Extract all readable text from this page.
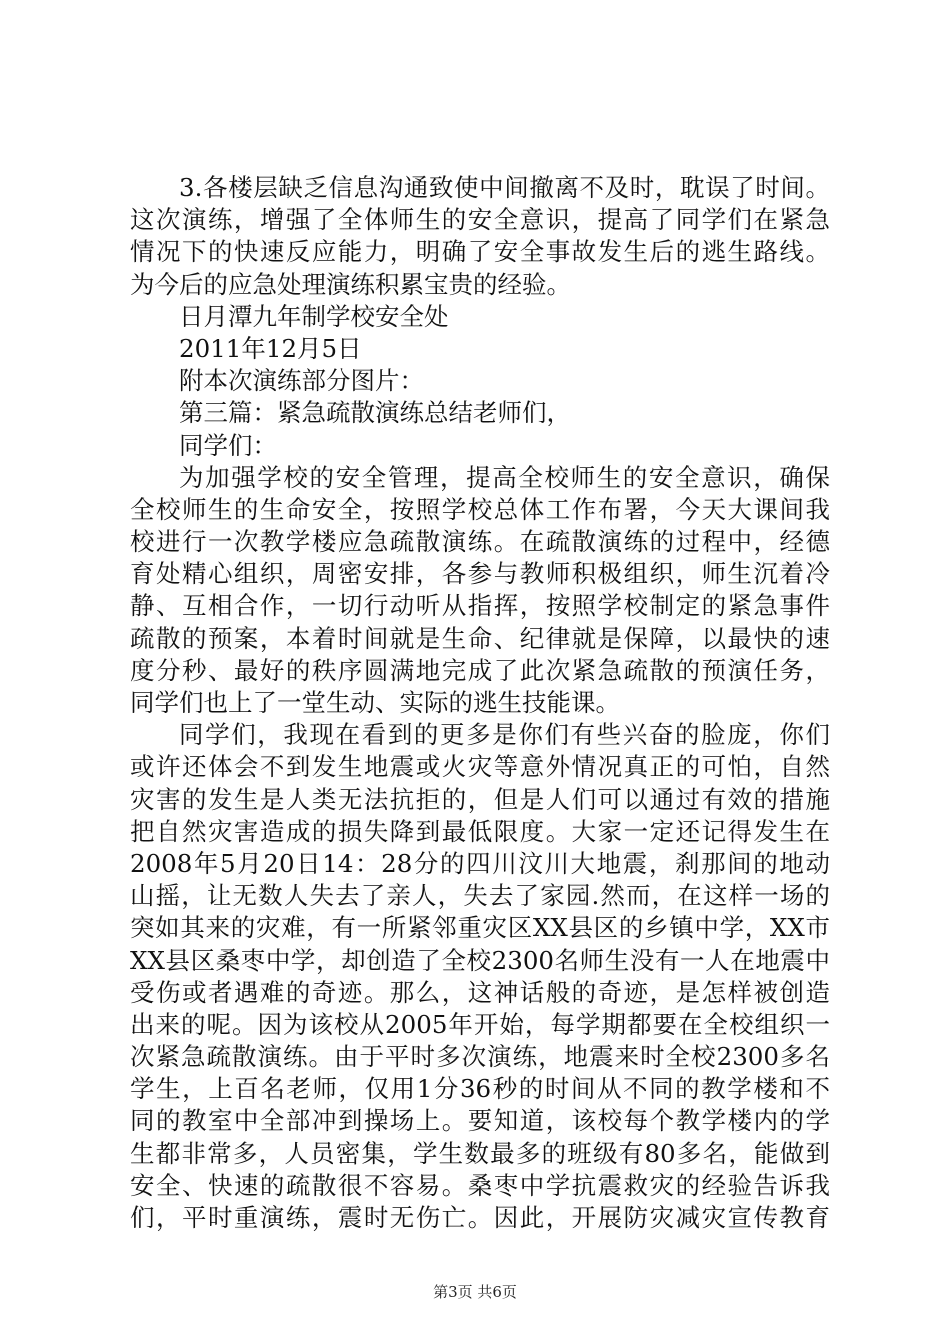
3.各楼层缺乏信息沟通致使中间撤离不及时，耽误了时间。
这次演练，增强了全体师生的安全意识，提高了同学们在紧急
情况下的快速反应能力，明确了安全事故发生后的逃生路线。
为今后的应急处理演练积累宝贵的经验。
日月潭九年制学校安全处
2011年12月5日
附本次演练部分图片：
第三篇：紧急疏散演练总结老师们，
同学们：
为加强学校的安全管理，提高全校师生的安全意识，确保
全校师生的生命安全，按照学校总体工作布署，今天大课间我
校进行一次教学楼应急疏散演练。在疏散演练的过程中，经德
育处精心组织，周密安排，各参与教师积极组织，师生沉着冷
静、互相合作，一切行动听从指挥，按照学校制定的紧急事件
疏散的预案，本着时间就是生命、纪律就是保障，以最快的速
度分秒、最好的秩序圆满地完成了此次紧急疏散的预演任务，
同学们也上了一堂生动、实际的逃生技能课。
同学们，我现在看到的更多是你们有些兴奋的脸庞，你们
或许还体会不到发生地震或火灾等意外情况真正的可怕，自然
灾害的发生是人类无法抗拒的，但是人们可以通过有效的措施
把自然灾害造成的损失降到最低限度。大家一定还记得发生在
2008年5月20日14：28分的四川汶川大地震，刹那间的地动
山摇，让无数人失去了亲人，失去了家园.然而，在这样一场的
突如其来的灾难，有一所紧邻重灾区XX县区的乡镇中学，XX市
XX县区桑枣中学，却创造了全校2300名师生没有一人在地震中
受伤或者遇难的奇迹。那么，这神话般的奇迹，是怎样被创造
出来的呢。因为该校从2005年开始，每学期都要在全校组织一
次紧急疏散演练。由于平时多次演练，地震来时全校2300多名
学生，上百名老师，仅用1分36秒的时间从不同的教学楼和不
同的教室中全部冲到操场上。要知道，该校每个教学楼内的学
生都非常多，人员密集，学生数最多的班级有80多名，能做到
安全、快速的疏散很不容易。桑枣中学抗震救灾的经验告诉我
们，平时重演练，震时无伤亡。因此，开展防灾减灾宣传教育
第3页 共6页
